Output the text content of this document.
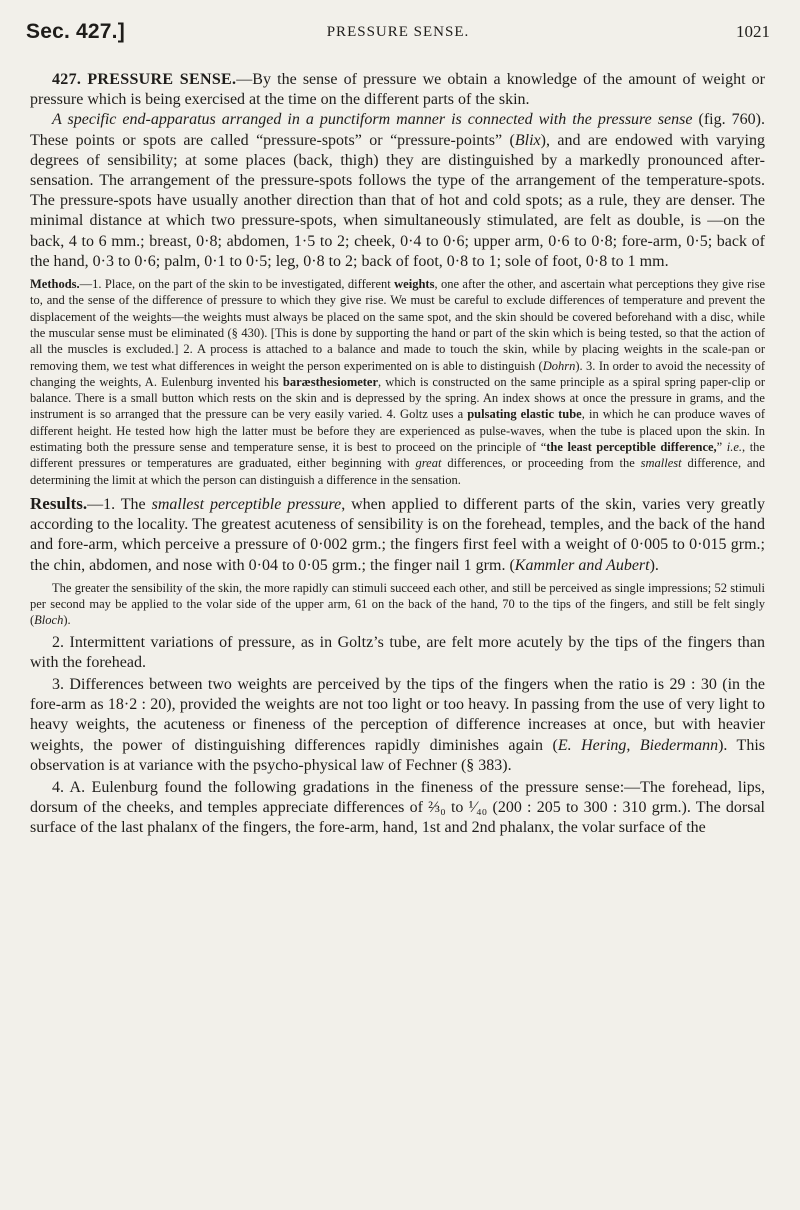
Sec. 427.]	PRESSURE SENSE.	1021

427. PRESSURE SENSE.—By the sense of pressure we obtain a knowledge of the amount of weight or pressure which is being exercised at the time on the different parts of the skin.

A specific end-apparatus arranged in a punctiform manner is connected with the pressure sense (fig. 760). These points or spots are called “pressure-spots” or “pressure-points” (Blix), and are endowed with varying degrees of sensibility; at some places (back, thigh) they are distinguished by a markedly pronounced after-sensation. The arrangement of the pressure-spots follows the type of the arrangement of the temperature-spots. The pressure-spots have usually another direction than that of hot and cold spots; as a rule, they are denser. The minimal distance at which two pressure-spots, when simultaneously stimulated, are felt as double, is —on the back, 4 to 6 mm.; breast, 0·8; abdomen, 1·5 to 2; cheek, 0·4 to 0·6; upper arm, 0·6 to 0·8; fore-arm, 0·5; back of the hand, 0·3 to 0·6; palm, 0·1 to 0·5; leg, 0·8 to 2; back of foot, 0·8 to 1; sole of foot, 0·8 to 1 mm.

Methods.—1. Place, on the part of the skin to be investigated, different weights, one after the other, and ascertain what perceptions they give rise to, and the sense of the difference of pressure to which they give rise. We must be careful to exclude differences of temperature and prevent the displacement of the weights—the weights must always be placed on the same spot, and the skin should be covered beforehand with a disc, while the muscular sense must be eliminated (§ 430). [This is done by supporting the hand or part of the skin which is being tested, so that the action of all the muscles is excluded.] 2. A process is attached to a balance and made to touch the skin, while by placing weights in the scale-pan or removing them, we test what differences in weight the person experimented on is able to distinguish (Dohrn). 3. In order to avoid the necessity of changing the weights, A. Eulenburg invented his baræsthesiometer, which is constructed on the same principle as a spiral spring paper-clip or balance. There is a small button which rests on the skin and is depressed by the spring. An index shows at once the pressure in grams, and the instrument is so arranged that the pressure can be very easily varied. 4. Goltz uses a pulsating elastic tube, in which he can produce waves of different height. He tested how high the latter must be before they are experienced as pulse-waves, when the tube is placed upon the skin. In estimating both the pressure sense and temperature sense, it is best to proceed on the principle of “the least perceptible difference,” i.e., the different pressures or temperatures are graduated, either beginning with great differences, or proceeding from the smallest difference, and determining the limit at which the person can distinguish a difference in the sensation.

Results.—1. The smallest perceptible pressure, when applied to different parts of the skin, varies very greatly according to the locality. The greatest acuteness of sensibility is on the forehead, temples, and the back of the hand and fore-arm, which perceive a pressure of 0·002 grm.; the fingers first feel with a weight of 0·005 to 0·015 grm.; the chin, abdomen, and nose with 0·04 to 0·05 grm.; the finger nail 1 grm. (Kammler and Aubert).

The greater the sensibility of the skin, the more rapidly can stimuli succeed each other, and still be perceived as single impressions; 52 stimuli per second may be applied to the volar side of the upper arm, 61 on the back of the hand, 70 to the tips of the fingers, and still be felt singly (Bloch).

2. Intermittent variations of pressure, as in Goltz’s tube, are felt more acutely by the tips of the fingers than with the forehead.

3. Differences between two weights are perceived by the tips of the fingers when the ratio is 29 : 30 (in the fore-arm as 18·2 : 20), provided the weights are not too light or too heavy. In passing from the use of very light to heavy weights, the acuteness or fineness of the perception of difference increases at once, but with heavier weights, the power of distinguishing differences rapidly diminishes again (E. Hering, Biedermann). This observation is at variance with the psycho-physical law of Fechner (§ 383).

4. A. Eulenburg found the following gradations in the fineness of the pressure sense:—The forehead, lips, dorsum of the cheeks, and temples appreciate differences of ⅔₀ to ¹⁄₄₀ (200 : 205 to 300 : 310 grm.). The dorsal surface of the last phalanx of the fingers, the fore-arm, hand, 1st and 2nd phalanx, the volar surface of the
